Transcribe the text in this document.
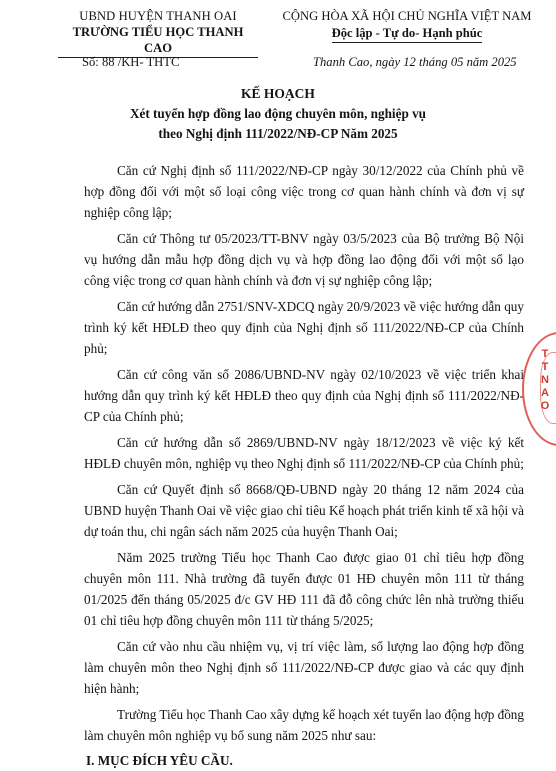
UBND HUYỆN THANH OAI
TRƯỜNG TIỂU HỌC THANH CAO
CỘNG HÒA XÃ HỘI CHỦ NGHĨA VIỆT NAM
Độc lập - Tự do- Hạnh phúc
Số: 88 /KH- THTC	Thanh Cao, ngày 12 tháng 05 năm 2025
KẾ HOẠCH
Xét tuyển hợp đồng lao động chuyên môn, nghiệp vụ
theo Nghị định 111/2022/NĐ-CP Năm 2025

Căn cứ Nghị định số 111/2022/NĐ-CP ngày 30/12/2022 của Chính phủ về hợp đồng đối với một số loại công việc trong cơ quan hành chính và đơn vị sự nghiệp công lập;

Căn cứ Thông tư 05/2023/TT-BNV ngày 03/5/2023 của Bộ trưởng Bộ Nội vụ hướng dẫn mẫu hợp đồng dịch vụ và hợp đồng lao động đối với một số lạo công việc trong cơ quan hành chính và đơn vị sự nghiệp công lập;

Căn cứ hướng dẫn 2751/SNV-XDCQ ngày 20/9/2023 về việc hướng dẫn quy trình ký kết HĐLĐ theo quy định của Nghị định số 111/2022/NĐ-CP của Chính phủ;

Căn cứ công văn số 2086/UBND-NV ngày 02/10/2023 về việc triển khai hướng dẫn quy trình ký kết HĐLĐ theo quy định của Nghị định số 111/2022/NĐ-CP của Chính phủ;

Căn cứ hướng dẫn số 2869/UBND-NV ngày 18/12/2023 về việc ký kết HĐLĐ chuyên môn, nghiệp vụ theo Nghị định số 111/2022/NĐ-CP của Chính phủ;

Căn cứ Quyết định số 8668/QĐ-UBND ngày 20 tháng 12 năm 2024 của UBND huyện Thanh Oai về việc giao chỉ tiêu Kế hoạch phát triển kinh tế xã hội và dự toán thu, chi ngân sách năm 2025 của huyện Thanh Oai;

Năm 2025 trường Tiểu học Thanh Cao được giao 01 chỉ tiêu hợp đồng chuyên môn 111. Nhà trường đã tuyển được 01 HĐ chuyên môn 111 từ tháng 01/2025 đến tháng 05/2025 đ/c GV HĐ 111 đã đỗ công chức lên nhà trường thiếu 01 chỉ tiêu hợp đồng chuyên môn 111 từ tháng 5/2025;

Căn cứ vào nhu cầu nhiệm vụ, vị trí việc làm, số lượng lao động hợp đồng làm chuyên môn theo Nghị định số 111/2022/NĐ-CP được giao và các quy định hiện hành;

Trường Tiểu học Thanh Cao xây dựng kế hoạch xét tuyển lao động hợp đồng làm chuyên môn nghiệp vụ bổ sung năm 2025 như sau:

I. MỤC ĐÍCH YÊU CẦU.
T
T
N
A
O
